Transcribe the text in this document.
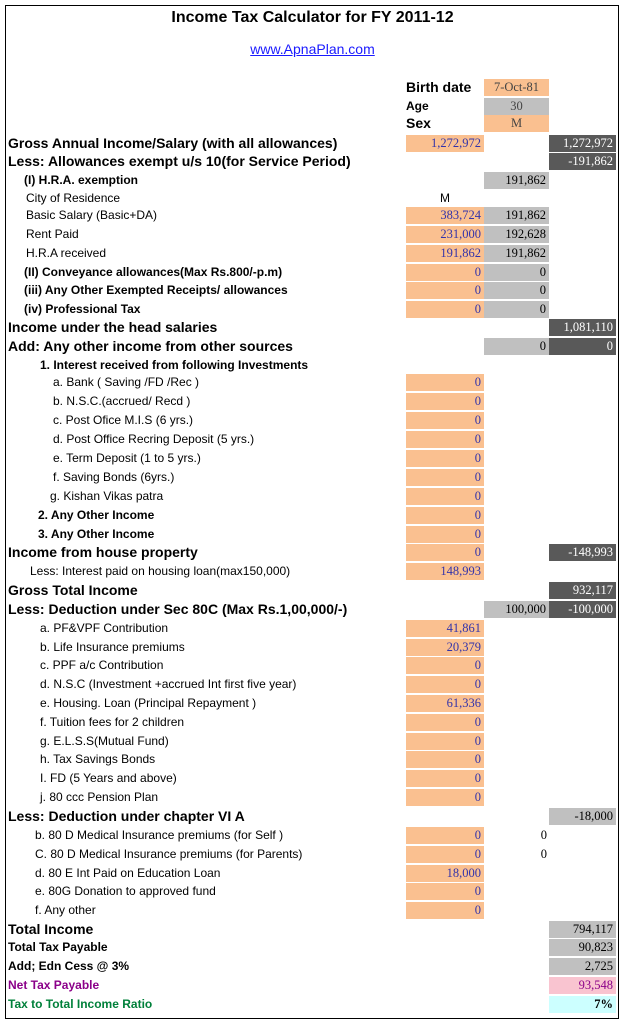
Income Tax Calculator for FY 2011-12
www.ApnaPlan.com
Birth date	7-Oct-81
Age	30
Sex	M
Gross Annual Income/Salary (with all allowances)	1,272,972	1,272,972
Less: Allowances exempt u/s 10(for Service Period)	-191,862
(I) H.R.A. exemption	191,862
City of Residence	M
Basic Salary (Basic+DA)	383,724	191,862
Rent Paid	231,000	192,628
H.R.A received	191,862	191,862
(II) Conveyance allowances(Max Rs.800/-p.m)	0	0
(iii) Any Other Exempted Receipts/ allowances	0	0
(iv) Professional Tax	0	0
Income under the head salaries	1,081,110
Add: Any other income from other sources	0	0
1. Interest received from following Investments
a. Bank ( Saving /FD /Rec )	0
b. N.S.C.(accrued/ Recd )	0
c. Post Ofice M.I.S (6 yrs.)	0
d. Post Office Recring Deposit (5 yrs.)	0
e. Term Deposit (1 to 5 yrs.)	0
f. Saving Bonds (6yrs.)	0
g. Kishan Vikas patra	0
2. Any Other Income	0
3. Any Other Income	0
Income from house property	0	-148,993
Less: Interest paid on housing loan(max150,000)	148,993
Gross Total Income	932,117
Less: Deduction under Sec 80C (Max Rs.1,00,000/-)	100,000	-100,000
a. PF&VPF Contribution	41,861
b. Life Insurance premiums	20,379
c. PPF a/c Contribution	0
d. N.S.C (Investment +accrued Int first five year)	0
e. Housing. Loan (Principal Repayment )	61,336
f. Tuition fees for 2 children	0
g. E.L.S.S(Mutual Fund)	0
h. Tax Savings Bonds	0
I. FD (5 Years and above)	0
j. 80 ccc Pension Plan	0
Less: Deduction under chapter VI A	-18,000
b. 80 D Medical Insurance premiums (for Self )	0	0
C. 80 D Medical Insurance premiums (for Parents)	0	0
d. 80 E Int Paid on Education Loan	18,000
e. 80G Donation to approved fund	0
f. Any other	0
Total Income	794,117
Total Tax Payable	90,823
Add; Edn Cess @ 3%	2,725
Net Tax Payable	93,548
Tax to Total Income Ratio	7%
